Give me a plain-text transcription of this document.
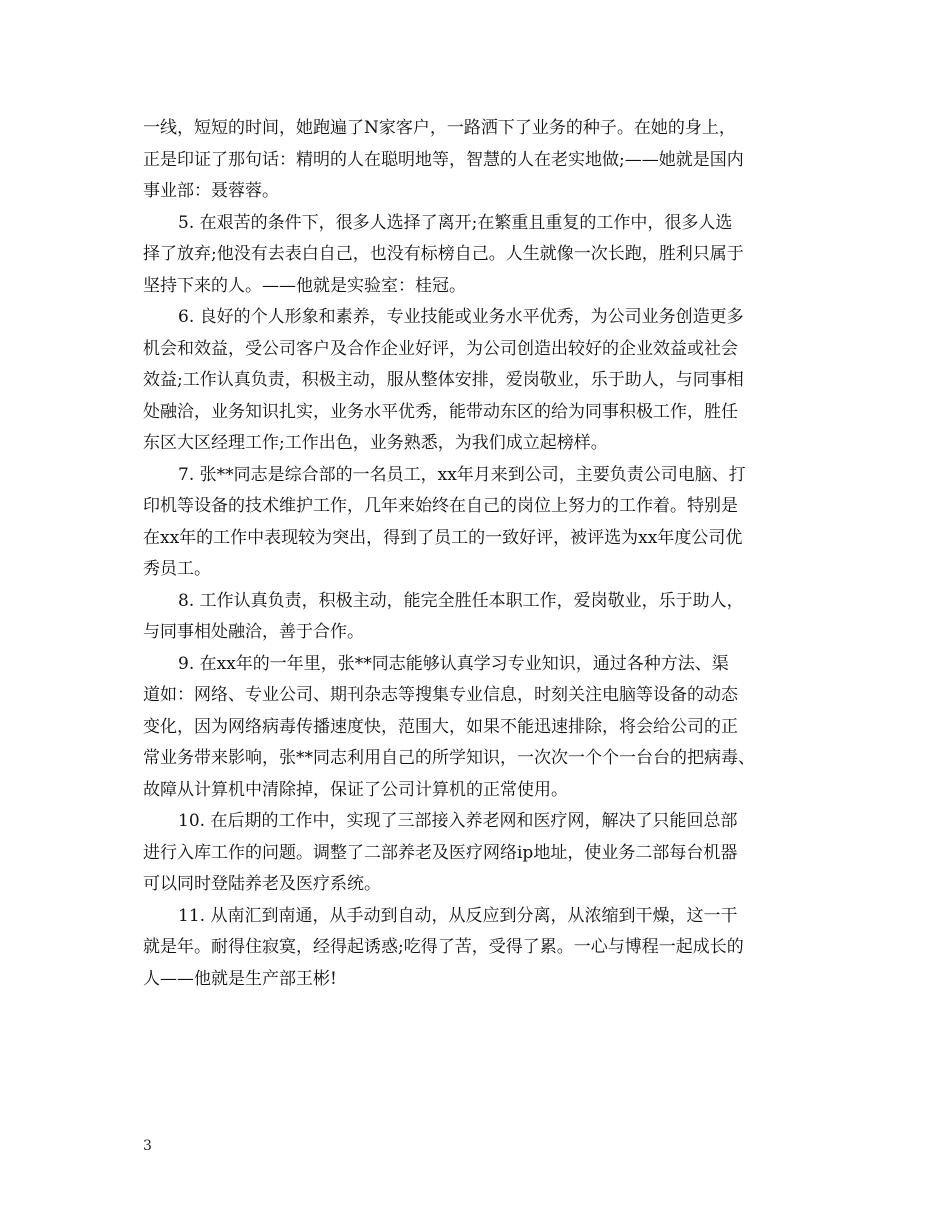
一线，短短的时间，她跑遍了N家客户，一路洒下了业务的种子。在她的身上，
正是印证了那句话：精明的人在聪明地等，智慧的人在老实地做;——她就是国内
事业部：聂蓉蓉。

5. 在艰苦的条件下，很多人选择了离开;在繁重且重复的工作中，很多人选
择了放弃;他没有去表白自己，也没有标榜自己。人生就像一次长跑，胜利只属于
坚持下来的人。——他就是实验室：桂冠。

6. 良好的个人形象和素养，专业技能或业务水平优秀，为公司业务创造更多
机会和效益，受公司客户及合作企业好评，为公司创造出较好的企业效益或社会
效益;工作认真负责，积极主动，服从整体安排，爱岗敬业，乐于助人，与同事相
处融洽，业务知识扎实，业务水平优秀，能带动东区的给为同事积极工作，胜任
东区大区经理工作;工作出色，业务熟悉，为我们成立起榜样。

7. 张**同志是综合部的一名员工，xx年月来到公司，主要负责公司电脑、打
印机等设备的技术维护工作，几年来始终在自己的岗位上努力的工作着。特别是
在xx年的工作中表现较为突出，得到了员工的一致好评，被评选为xx年度公司优
秀员工。

8. 工作认真负责，积极主动，能完全胜任本职工作，爱岗敬业，乐于助人，
与同事相处融洽，善于合作。

9. 在xx年的一年里，张**同志能够认真学习专业知识，通过各种方法、渠
道如：网络、专业公司、期刊杂志等搜集专业信息，时刻关注电脑等设备的动态
变化，因为网络病毒传播速度快，范围大，如果不能迅速排除，将会给公司的正
常业务带来影响，张**同志利用自己的所学知识，一次次一个个一台台的把病毒、
故障从计算机中清除掉，保证了公司计算机的正常使用。

10. 在后期的工作中，实现了三部接入养老网和医疗网，解决了只能回总部
进行入库工作的问题。调整了二部养老及医疗网络ip地址，使业务二部每台机器
可以同时登陆养老及医疗系统。

11. 从南汇到南通，从手动到自动，从反应到分离，从浓缩到干燥，这一干
就是年。耐得住寂寞，经得起诱惑;吃得了苦，受得了累。一心与博程一起成长的
人——他就是生产部王彬!

3
